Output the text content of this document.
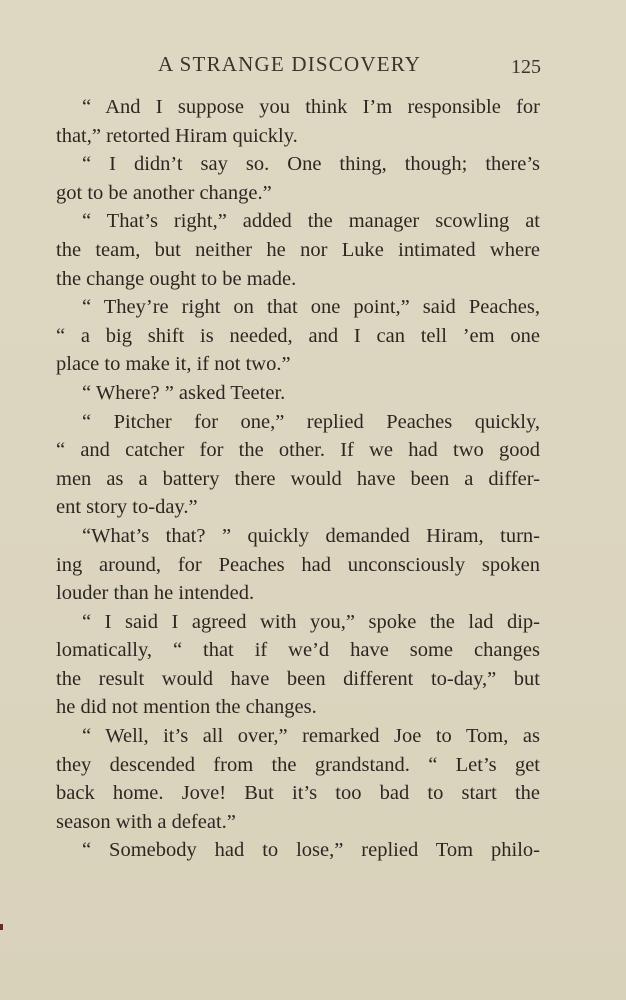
A STRANGE DISCOVERY	125
“ And I suppose you think I’m responsible for
that,” retorted Hiram quickly.
“ I didn’t say so. One thing, though; there’s
got to be another change.”
“ That’s right,” added the manager scowling at
the team, but neither he nor Luke intimated where
the change ought to be made.
“ They’re right on that one point,” said Peaches,
“ a big shift is needed, and I can tell ’em one
place to make it, if not two.”
“ Where? ” asked Teeter.
“ Pitcher for one,” replied Peaches quickly,
“ and catcher for the other. If we had two good
men as a battery there would have been a differ-
ent story to-day.”
“What’s that? ” quickly demanded Hiram, turn-
ing around, for Peaches had unconsciously spoken
louder than he intended.
“ I said I agreed with you,” spoke the lad dip-
lomatically, “ that if we’d have some changes
the result would have been different to-day,” but
he did not mention the changes.
“ Well, it’s all over,” remarked Joe to Tom, as
they descended from the grandstand. “ Let’s get
back home. Jove! But it’s too bad to start the
season with a defeat.”
“ Somebody had to lose,” replied Tom philo-
